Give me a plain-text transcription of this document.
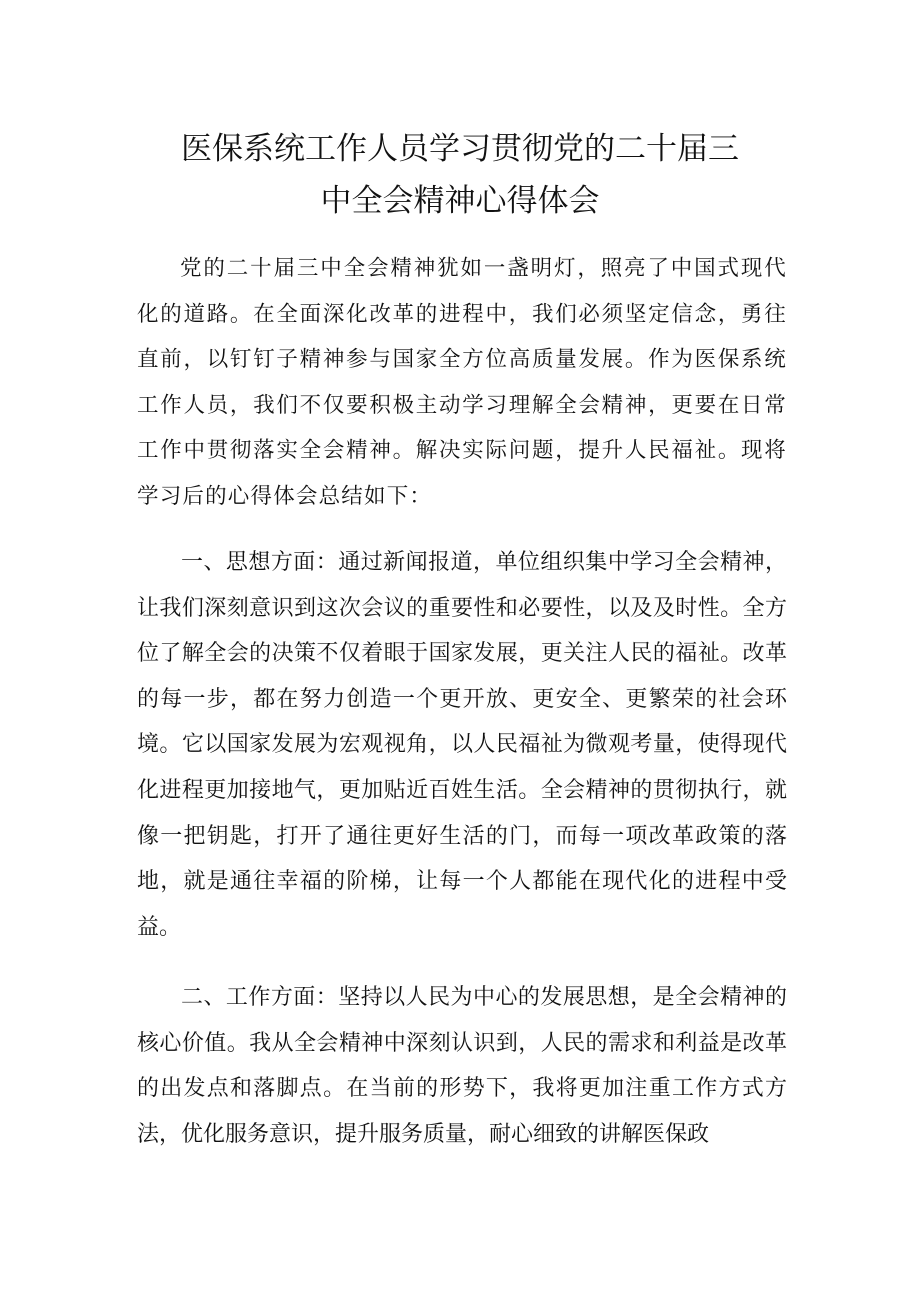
医保系统工作人员学习贯彻党的二十届三
中全会精神心得体会

党的二十届三中全会精神犹如一盏明灯，照亮了中国式现代化的道路。在全面深化改革的进程中，我们必须坚定信念，勇往直前，以钉钉子精神参与国家全方位高质量发展。作为医保系统工作人员，我们不仅要积极主动学习理解全会精神，更要在日常工作中贯彻落实全会精神。解决实际问题，提升人民福祉。现将学习后的心得体会总结如下：

一、思想方面：通过新闻报道，单位组织集中学习全会精神，让我们深刻意识到这次会议的重要性和必要性，以及及时性。全方位了解全会的决策不仅着眼于国家发展，更关注人民的福祉。改革的每一步，都在努力创造一个更开放、更安全、更繁荣的社会环境。它以国家发展为宏观视角，以人民福祉为微观考量，使得现代化进程更加接地气，更加贴近百姓生活。全会精神的贯彻执行，就像一把钥匙，打开了通往更好生活的门，而每一项改革政策的落地，就是通往幸福的阶梯，让每一个人都能在现代化的进程中受益。

二、工作方面：坚持以人民为中心的发展思想，是全会精神的核心价值。我从全会精神中深刻认识到，人民的需求和利益是改革的出发点和落脚点。在当前的形势下，我将更加注重工作方式方法，优化服务意识，提升服务质量，耐心细致的讲解医保政
